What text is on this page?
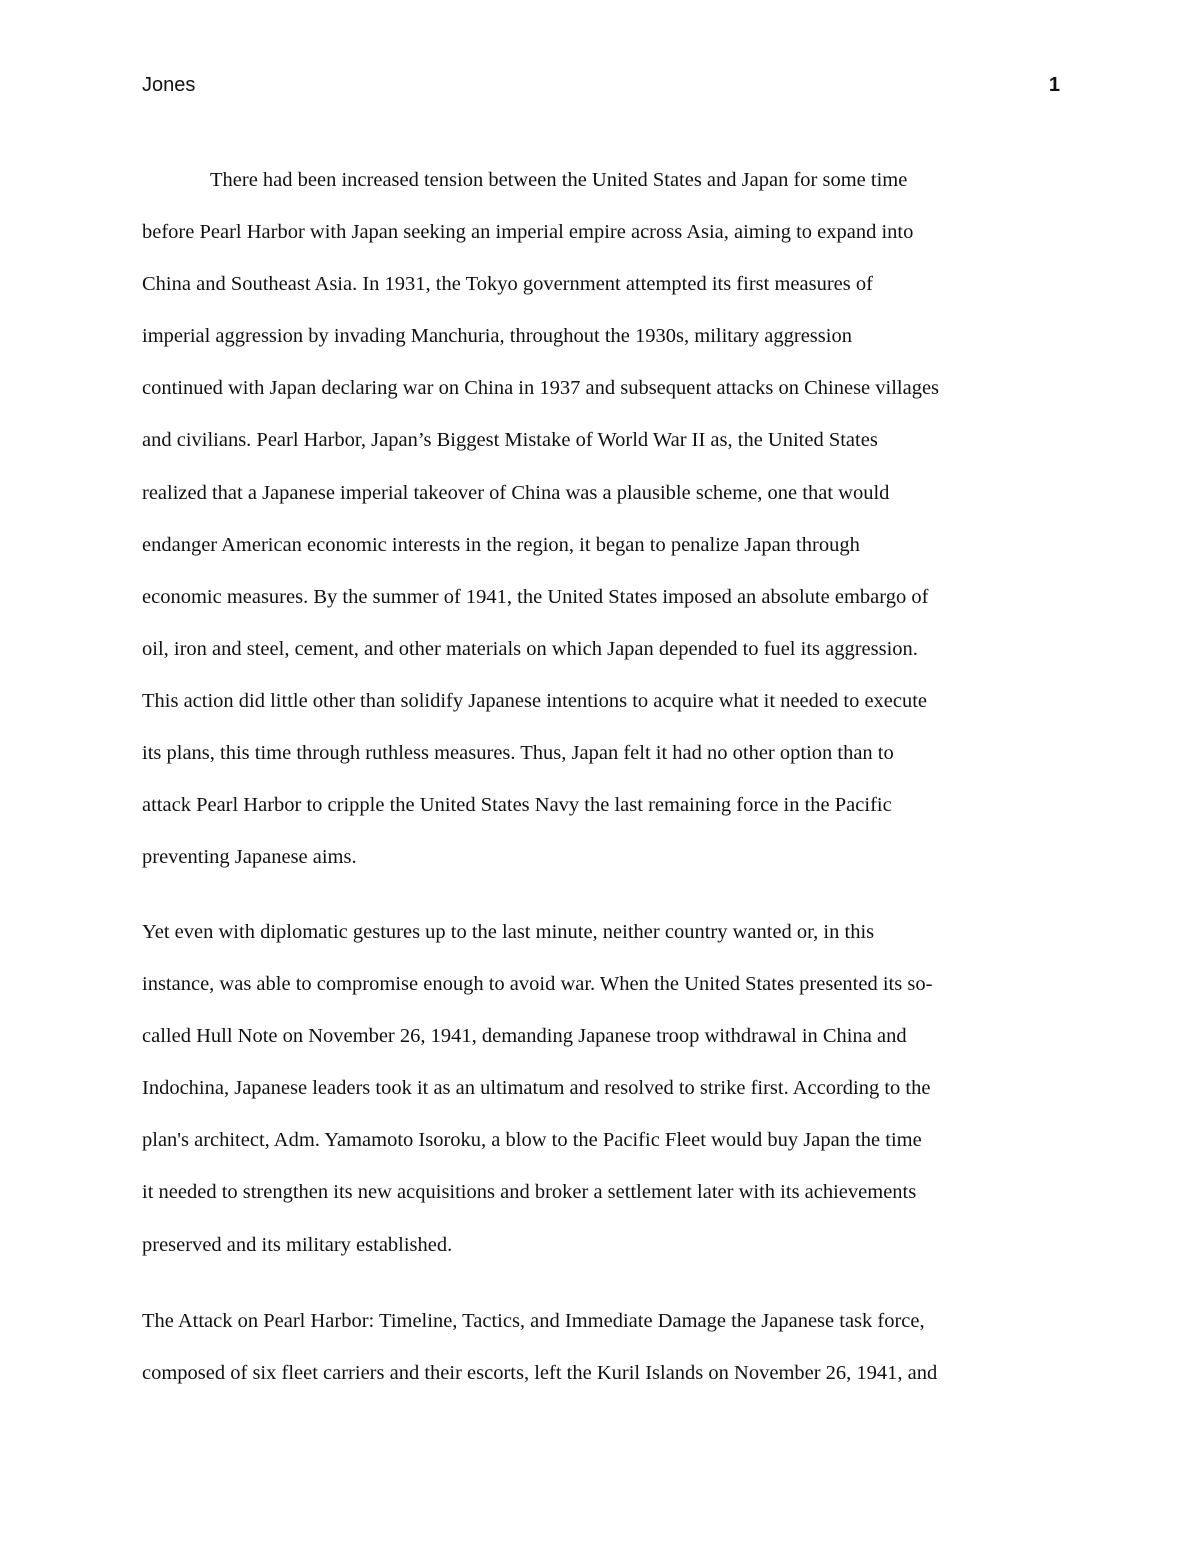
Jones	1
There had been increased tension between the United States and Japan for some time
before Pearl Harbor with Japan seeking an imperial empire across Asia, aiming to expand into
China and Southeast Asia. In 1931, the Tokyo government attempted its first measures of
imperial aggression by invading Manchuria, throughout the 1930s, military aggression
continued with Japan declaring war on China in 1937 and subsequent attacks on Chinese villages
and civilians. Pearl Harbor, Japan’s Biggest Mistake of World War II as, the United States
realized that a Japanese imperial takeover of China was a plausible scheme, one that would
endanger American economic interests in the region, it began to penalize Japan through
economic measures. By the summer of 1941, the United States imposed an absolute embargo of
oil, iron and steel, cement, and other materials on which Japan depended to fuel its aggression.
This action did little other than solidify Japanese intentions to acquire what it needed to execute
its plans, this time through ruthless measures. Thus, Japan felt it had no other option than to
attack Pearl Harbor to cripple the United States Navy the last remaining force in the Pacific
preventing Japanese aims.
Yet even with diplomatic gestures up to the last minute, neither country wanted or, in this
instance, was able to compromise enough to avoid war. When the United States presented its so-
called Hull Note on November 26, 1941, demanding Japanese troop withdrawal in China and
Indochina, Japanese leaders took it as an ultimatum and resolved to strike first. According to the
plan's architect, Adm. Yamamoto Isoroku, a blow to the Pacific Fleet would buy Japan the time
it needed to strengthen its new acquisitions and broker a settlement later with its achievements
preserved and its military established.
The Attack on Pearl Harbor: Timeline, Tactics, and Immediate Damage the Japanese task force,
composed of six fleet carriers and their escorts, left the Kuril Islands on November 26, 1941, and
